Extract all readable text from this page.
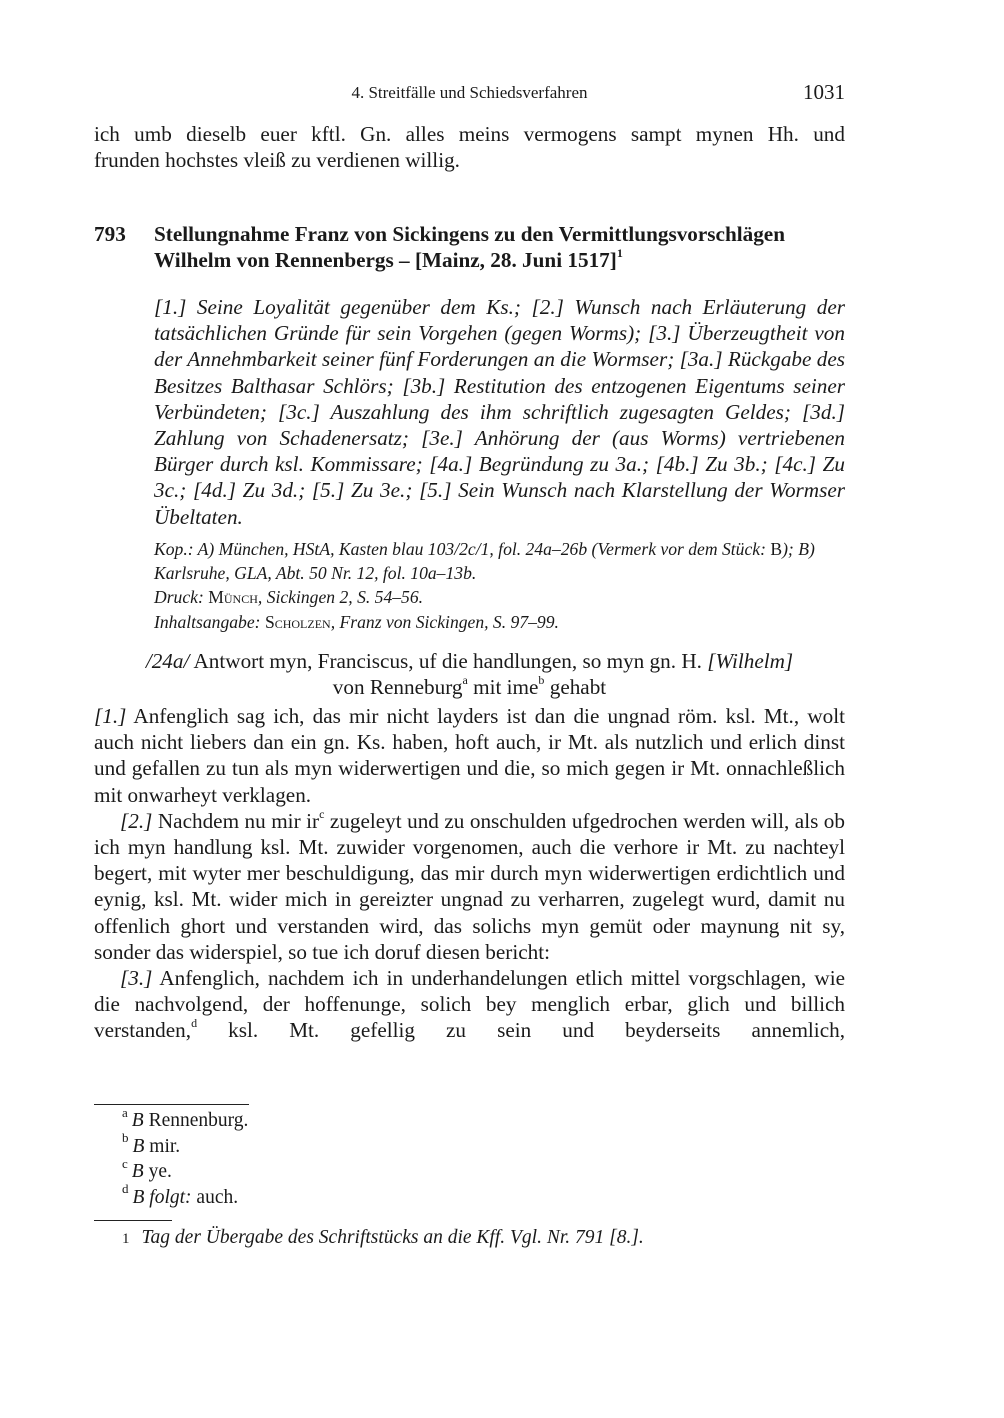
4. Streitfälle und Schiedsverfahren	1031

ich umb dieselb euer kftl. Gn. alles meins vermogens sampt mynen Hh. und

frunden hochstes vleiß zu verdienen willig.

793 Stellungnahme Franz von Sickingens zu den Vermittlungsvorschlägen
Wilhelm von Rennenbergs – [Mainz, 28. Juni 1517]$^1$
[1.] Seine Loyalität gegenüber dem Ks.; [2.] Wunsch nach Erläuterung der tatsächlichen Gründe für sein Vorgehen (gegen Worms); [3.] Überzeugtheit von der Annehmbarkeit seiner fünf Forderungen an die Wormser; [3a.] Rückgabe des Besitzes Balthasar Schlörs; [3b.] Restitution des entzogenen Eigentums seiner Verbündeten; [3c.] Auszahlung des ihm schriftlich zugesagten Geldes; [3d.] Zahlung von Schadenersatz; [3e.] Anhörung der (aus Worms) vertriebenen Bürger durch ksl. Kommissare; [4a.] Begründung zu 3a.; [4b.] Zu 3b.; [4c.] Zu 3c.; [4d.] Zu 3d.; [5.] Zu 3e.; [5.] Sein Wunsch nach Klarstellung der Wormser Übeltaten.

Kop.: A) München, HStA, Kasten blau 103/2c/1, fol. 24a–26b (Vermerk vor dem Stück: B); B) Karlsruhe, GLA, Abt. 50 Nr. 12, fol. 10a–13b.

Druck: Münch, Sickingen 2, S. 54–56.

Inhaltsangabe: Scholzen, Franz von Sickingen, S. 97–99.

/24a/ Antwort myn, Franciscus, uf die handlungen, so myn gn. H. [Wilhelm]
von Renneburg$^a$ mit ime$^b$ gehabt

[1.] Anfenglich sag ich, das mir nicht layders ist dan die ungnad röm. ksl. Mt., wolt auch nicht liebers dan ein gn. Ks. haben, hoft auch, ir Mt. als nutzlich und erlich dinst und gefallen zu tun als myn widerwertigen und die, so mich gegen ir Mt. onnachleßlich mit onwarheyt verklagen.

[2.] Nachdem nu mir $ir^c$ zugeleyt und zu onschulden ufgedrochen werden will, als ob ich myn handlung ksl. Mt. zuwider vorgenomen, auch die verhore ir Mt. zu nachteyl begert, mit wyter mer beschuldigung, das mir durch myn widerwertigen erdichtlich und eynig, ksl. Mt. wider mich in gereizter ungnad zu verharren, zugelegt wurd, damit nu offenlich ghort und verstanden wird, das solichs myn gemüt oder maynung nit sy, sonder das widerspiel, so tue ich doruf diesen bericht:

[3.] Anfenglich, nachdem ich in underhandelungen etlich mittel vorgschlagen, wie die nachvolgend, der hoffenunge, solich bey menglich erbar, glich und billich verstanden,$^d$ ksl. Mt. gefellig zu sein und beyderseits annemlich,

$^a$ B Rennenburg.

$^b$ B mir.

$^c$ B ye.

$^d$ B folgt: auch.

1 Tag der Übergabe des Schriftstücks an die Kff. Vgl. Nr. 791 [8.].
